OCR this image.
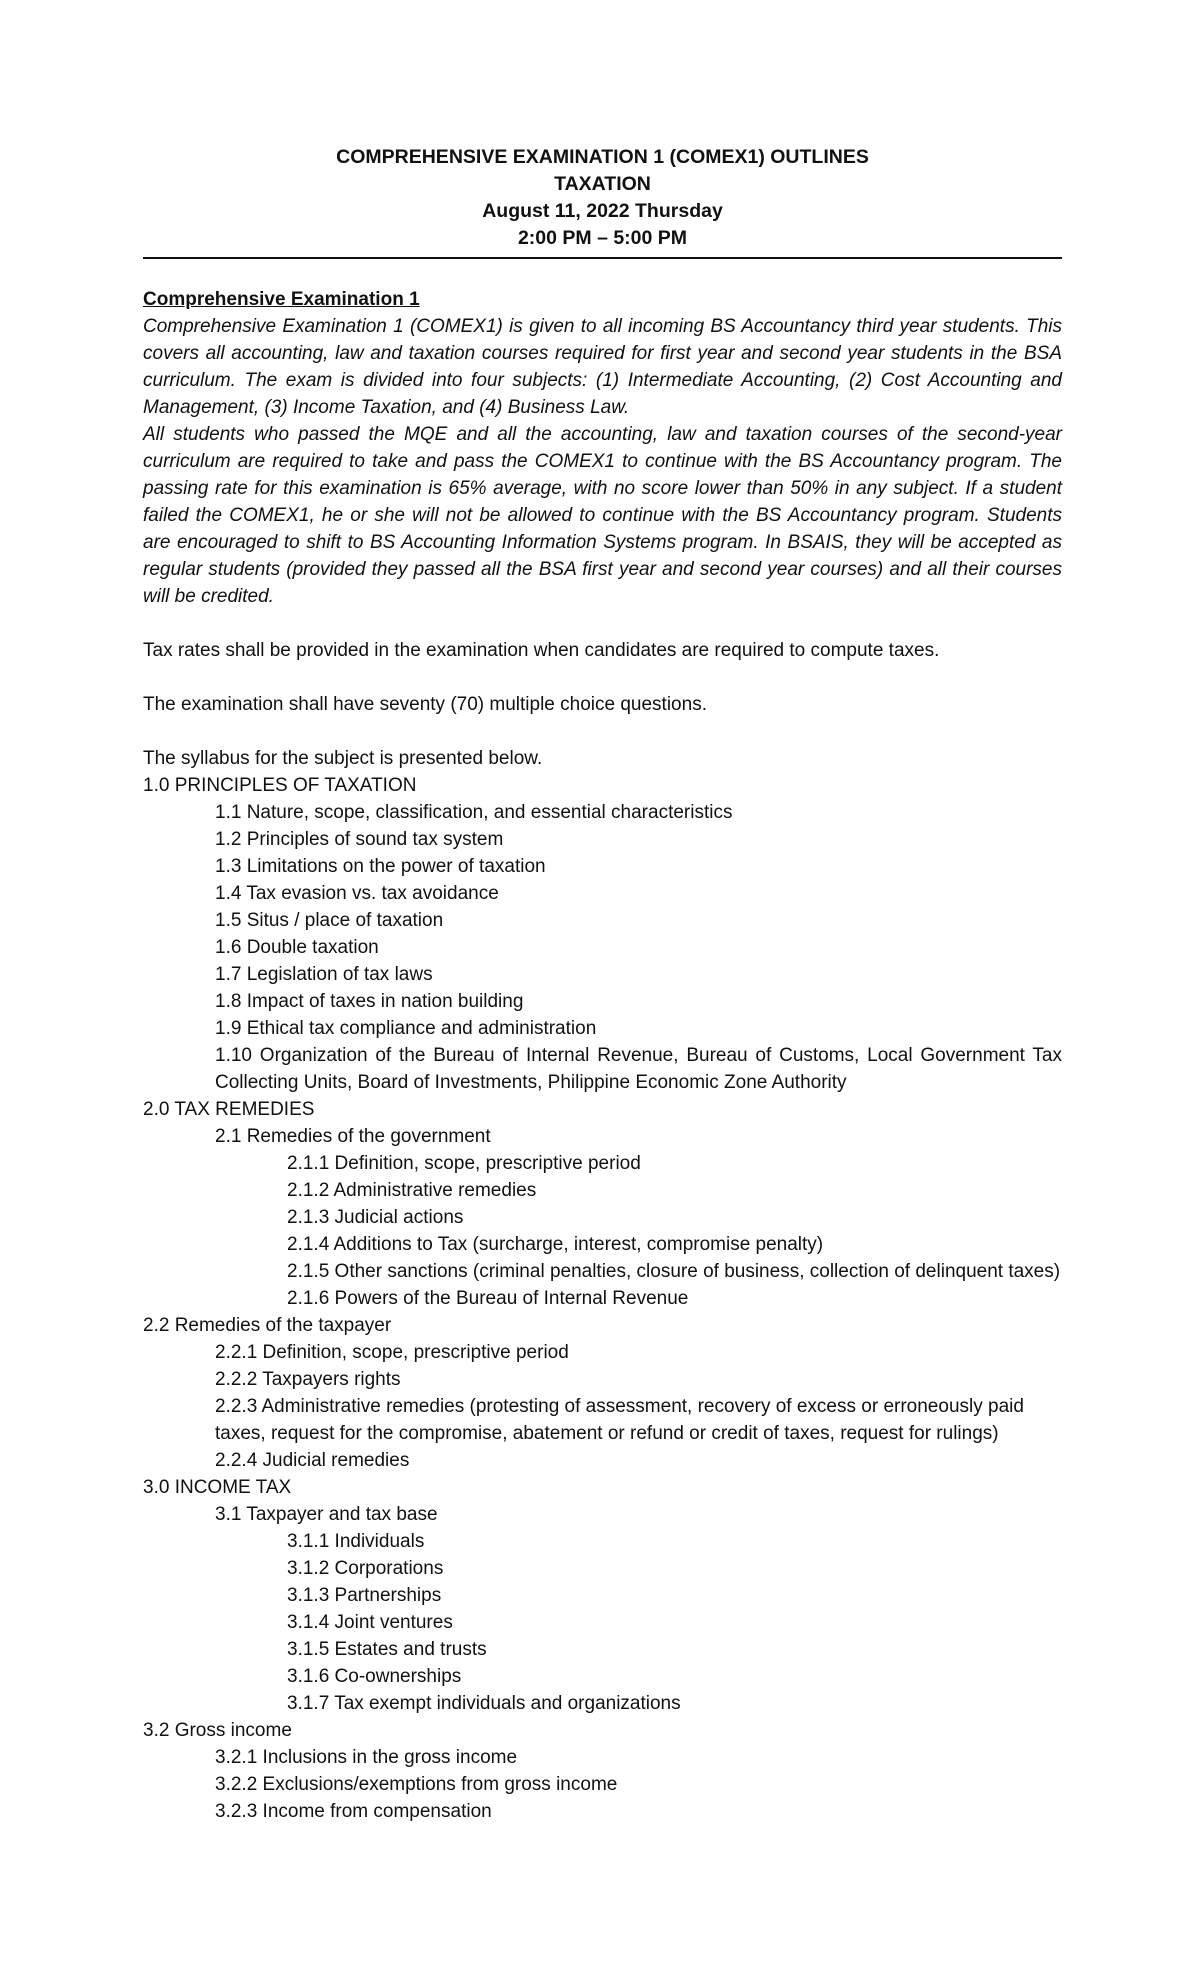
COMPREHENSIVE EXAMINATION 1 (COMEX1) OUTLINES
TAXATION
August 11, 2022 Thursday
2:00 PM – 5:00 PM
Comprehensive Examination 1

Comprehensive Examination 1 (COMEX1) is given to all incoming BS Accountancy third year students. This covers all accounting, law and taxation courses required for first year and second year students in the BSA curriculum. The exam is divided into four subjects: (1) Intermediate Accounting, (2) Cost Accounting and Management, (3) Income Taxation, and (4) Business Law.

All students who passed the MQE and all the accounting, law and taxation courses of the second-year curriculum are required to take and pass the COMEX1 to continue with the BS Accountancy program. The passing rate for this examination is 65% average, with no score lower than 50% in any subject. If a student failed the COMEX1, he or she will not be allowed to continue with the BS Accountancy program. Students are encouraged to shift to BS Accounting Information Systems program. In BSAIS, they will be accepted as regular students (provided they passed all the BSA first year and second year courses) and all their courses will be credited.

Tax rates shall be provided in the examination when candidates are required to compute taxes.

The examination shall have seventy (70) multiple choice questions.

The syllabus for the subject is presented below.

1.0 PRINCIPLES OF TAXATION
1.1 Nature, scope, classification, and essential characteristics
1.2 Principles of sound tax system
1.3 Limitations on the power of taxation
1.4 Tax evasion vs. tax avoidance
1.5 Situs / place of taxation
1.6 Double taxation
1.7 Legislation of tax laws
1.8 Impact of taxes in nation building
1.9 Ethical tax compliance and administration
1.10 Organization of the Bureau of Internal Revenue, Bureau of Customs, Local Government Tax Collecting Units, Board of Investments, Philippine Economic Zone Authority
2.0 TAX REMEDIES
2.1 Remedies of the government
2.1.1 Definition, scope, prescriptive period
2.1.2 Administrative remedies
2.1.3 Judicial actions
2.1.4 Additions to Tax (surcharge, interest, compromise penalty)
2.1.5 Other sanctions (criminal penalties, closure of business, collection of delinquent taxes)
2.1.6 Powers of the Bureau of Internal Revenue
2.2 Remedies of the taxpayer
2.2.1 Definition, scope, prescriptive period
2.2.2 Taxpayers rights
2.2.3 Administrative remedies (protesting of assessment, recovery of excess or erroneously paid
taxes, request for the compromise, abatement or refund or credit of taxes, request for rulings)
2.2.4 Judicial remedies
3.0 INCOME TAX
3.1 Taxpayer and tax base
3.1.1 Individuals
3.1.2 Corporations
3.1.3 Partnerships
3.1.4 Joint ventures
3.1.5 Estates and trusts
3.1.6 Co-ownerships
3.1.7 Tax exempt individuals and organizations
3.2 Gross income
3.2.1 Inclusions in the gross income
3.2.2 Exclusions/exemptions from gross income
3.2.3 Income from compensation
